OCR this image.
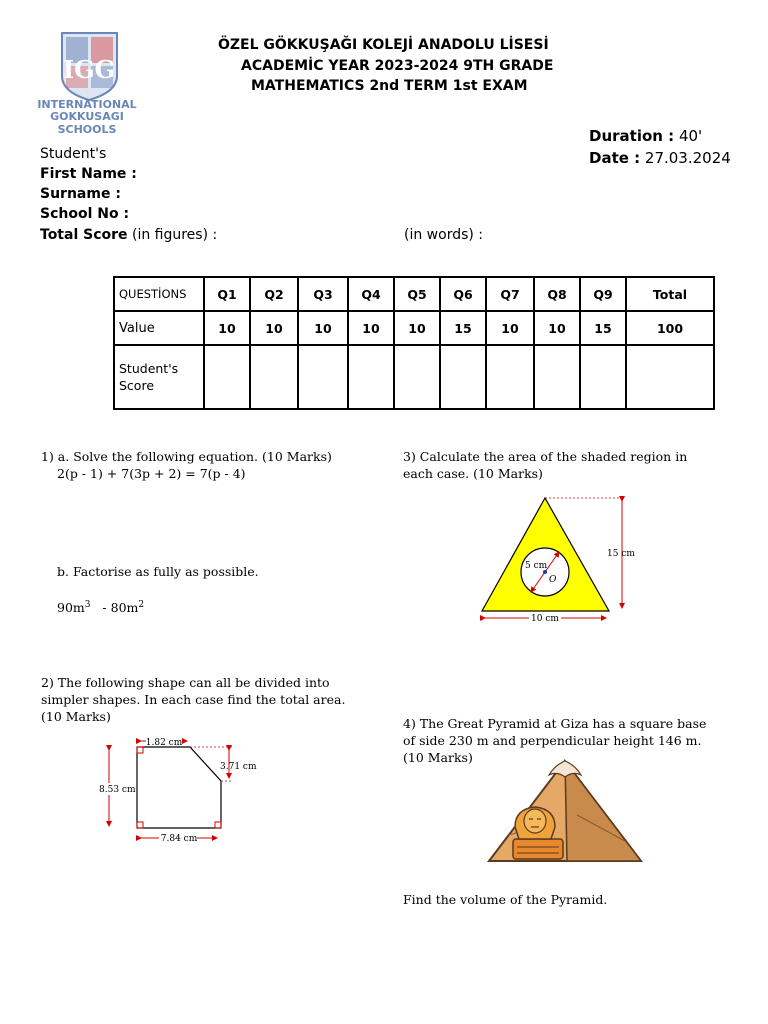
IGG
INTERNATIONAL
GOKKUSAGI SCHOOLS
ÖZEL GÖKKUŞAĞI KOLEJİ ANADOLU LİSESİ
ACADEMİC YEAR 2023-2024 9TH GRADE
MATHEMATICS 2nd TERM 1st EXAM
Duration : 40'
Date : 27.03.2024
Student's
First Name :
Surname :
School No :
Total Score (in figures) :	(in words) :
QUESTİONS	Q1	Q2	Q3	Q4	Q5	Q6	Q7	Q8	Q9	Total
Value	10	10	10	10	10	15	10	10	15	100

Student's
Score										

1) a. Solve the following equation. (10 Marks)
2(p - 1) + 7(3p + 2) = 7(p - 4)
b. Factorise as fully as possible.
$90m^3 - 80m^2$
2) The following shape can all be divided into
simpler shapes. In each case find the total area.
(10 Marks)
1.82 cm
3.71 cm
8.53 cm
7.84 cm
3) Calculate the area of the shaded region in
each case. (10 Marks)
15 cm
10 cm
5 cm
O
4) The Great Pyramid at Giza has a square base
of side 230 m and perpendicular height 146 m.
(10 Marks)
Find the volume of the Pyramid.
